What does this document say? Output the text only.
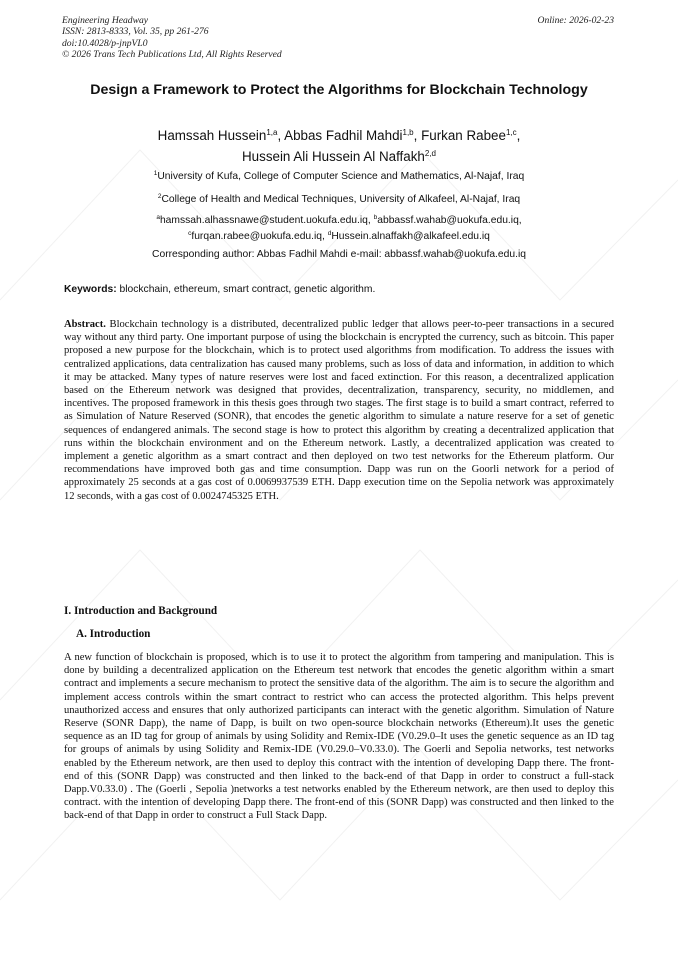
Engineering Headway
ISSN: 2813-8333, Vol. 35, pp 261-276
doi:10.4028/p-jnpVL0
© 2026 Trans Tech Publications Ltd, All Rights Reserved
Online: 2026-02-23
Design a Framework to Protect the Algorithms for Blockchain Technology
Hamssah Hussein$^{1,a}$, Abbas Fadhil Mahdi$^{1,b}$, Furkan Rabee$^{1,c}$,
Hussein Ali Hussein Al Naffakh$^{2,d}$
$^1$University of Kufa, College of Computer Science and Mathematics, Al-Najaf, Iraq
$^2$College of Health and Medical Techniques, University of Alkafeel, Al-Najaf, Iraq
$^a$hamssah.alhassnawe@student.uokufa.edu.iq, $^b$abbassf.wahab@uokufa.edu.iq,
$^c$furqan.rabee@uokufa.edu.iq, $^d$Hussein.alnaffakh@alkafeel.edu.iq
Corresponding author: Abbas Fadhil Mahdi e-mail: abbassf.wahab@uokufa.edu.iq
Keywords: blockchain, ethereum, smart contract, genetic algorithm.
Abstract. Blockchain technology is a distributed, decentralized public ledger that allows peer-to-peer transactions in a secured way without any third party. One important purpose of using the blockchain is encrypted the currency, such as bitcoin. This paper proposed a new purpose for the blockchain, which is to protect used algorithms from modification. To address the issues with centralized applications, data centralization has caused many problems, such as loss of data and information, in addition to which it may be attacked. Many types of nature reserves were lost and faced extinction. For this reason, a decentralized application based on the Ethereum network was designed that provides, decentralization, transparency, security, no middlemen, and incentives. The proposed framework in this thesis goes through two stages. The first stage is to build a smart contract, referred to as Simulation of Nature Reserved (SONR), that encodes the genetic algorithm to simulate a nature reserve for a set of genetic sequences of endangered animals. The second stage is how to protect this algorithm by creating a decentralized application that runs within the blockchain environment and on the Ethereum network. Lastly, a decentralized application was created to implement a genetic algorithm as a smart contract and then deployed on two test networks for the Ethereum platform. Our recommendations have improved both gas and time consumption. Dapp was run on the Goorli network for a period of approximately 25 seconds at a gas cost of 0.0069937539 ETH. Dapp execution time on the Sepolia network was approximately 12 seconds, with a gas cost of 0.0024745325 ETH.
I. Introduction and Background
A. Introduction
A new function of blockchain is proposed, which is to use it to protect the algorithm from tampering and manipulation. This is done by building a decentralized application on the Ethereum test network that encodes the genetic algorithm within a smart contract and implements a secure mechanism to protect the sensitive data of the algorithm. The aim is to secure the algorithm and implement access controls within the smart contract to restrict who can access the protected algorithm. This helps prevent unauthorized access and ensures that only authorized participants can interact with the genetic algorithm. Simulation of Nature Reserve (SONR Dapp), the name of Dapp, is built on two open-source blockchain networks (Ethereum).It uses the genetic sequence as an ID tag for group of animals by using Solidity and Remix-IDE (V0.29.0–It uses the genetic sequence as an ID tag for groups of animals by using Solidity and Remix-IDE (V0.29.0–V0.33.0). The Goerli and Sepolia networks, test networks enabled by the Ethereum network, are then used to deploy this contract with the intention of developing Dapp there. The front-end of this (SONR Dapp) was constructed and then linked to the back-end of that Dapp in order to construct a full-stack Dapp.V0.33.0) . The (Goerli , Sepolia )networks a test networks enabled by the Ethereum network, are then used to deploy this contract. with the intention of developing Dapp there. The front-end of this (SONR Dapp) was constructed and then linked to the back-end of that Dapp in order to construct a Full Stack Dapp.
